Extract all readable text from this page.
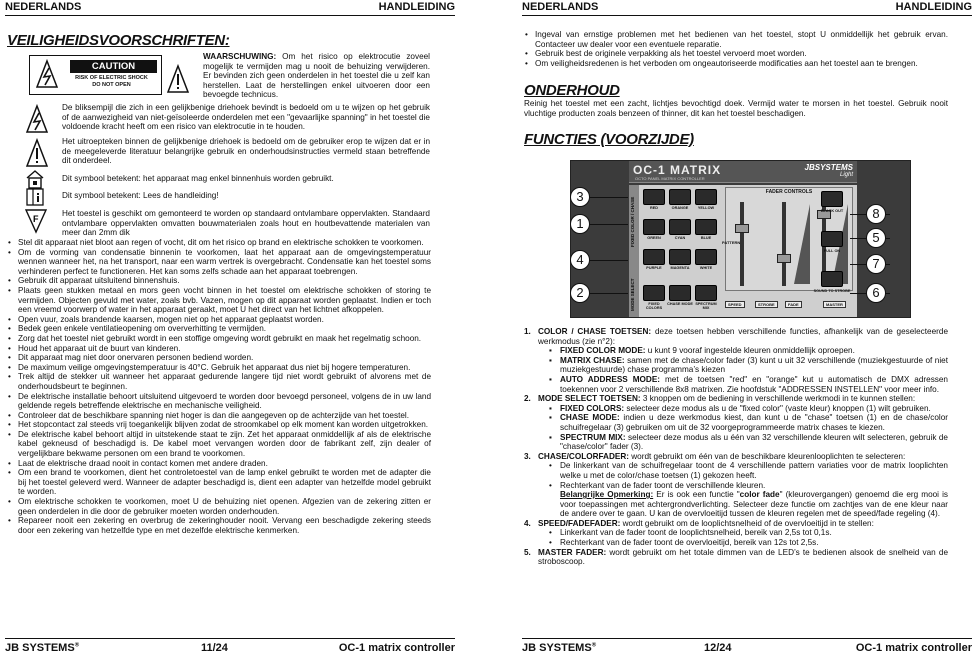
NEDERLANDS	HANDLEIDING
VEILIGHEIDSVOORSCHRIFTEN:
CAUTION
RISK OF ELECTRIC SHOCK
DO NOT OPEN
WAARSCHUWING: Om het risico op elektrocutie zoveel mogelijk te vermijden mag u nooit de behuizing verwijderen. Er bevinden zich geen onderdelen in het toestel die u zelf kan herstellen. Laat de herstellingen enkel uitvoeren door een bevoegde technicus.
De bliksempijl die zich in een gelijkbenige driehoek bevindt is bedoeld om u te wijzen op het gebruik of de aanwezigheid van niet-geïsoleerde onderdelen met een "gevaarlijke spanning" in het toestel die voldoende kracht heeft om een risico van elektrocutie in te houden.
Het uitroepteken binnen de gelijkbenige driehoek is bedoeld om de gebruiker erop te wijzen dat er in de meegeleverde literatuur belangrijke gebruik en onderhoudsinstructies vermeld staan betreffende dit onderdeel.
Dit symbool betekent: het apparaat mag enkel binnenhuis worden gebruikt.
Dit symbool betekent: Lees de handleiding!
F
Het toestel is geschikt om gemonteerd te worden op standaard ontvlambare oppervlakten. Standaard ontvlambare oppervlakten omvatten bouwmaterialen zoals hout en houtbevattende materialen van meer dan 2mm dik
• Stel dit apparaat niet bloot aan regen of vocht, dit om het risico op brand en elektrische schokken te voorkomen.
• Om de vorming van condensatie binnenin te voorkomen, laat het apparaat aan de omgevingstemperatuur wennen wanneer het, na het transport, naar een warm vertrek is overgebracht. Condensatie kan het toestel soms verhinderen perfect te functioneren. Het kan soms zelfs schade aan het apparaat toebrengen.
• Gebruik dit apparaat uitsluitend binnenshuis.
• Plaats geen stukken metaal en mors geen vocht binnen in het toestel om elektrische schokken of storing te vermijden. Objecten gevuld met water, zoals bvb. Vazen, mogen op dit apparaat worden geplaatst. Indien er toch een vreemd voorwerp of water in het apparaat geraakt, moet U het direct van het lichtnet afkoppelen.
• Open vuur, zoals brandende kaarsen, mogen niet op het apparaat geplaatst worden.
• Bedek geen enkele ventilatieopening om oververhitting te vermijden.
• Zorg dat het toestel niet gebruikt wordt in een stoffige omgeving wordt gebruikt en maak het regelmatig schoon.
• Houd het apparaat uit de buurt van kinderen.
• Dit apparaat mag niet door onervaren personen bediend worden.
• De maximum veilige omgevingstemperatuur is 40°C. Gebruik het apparaat dus niet bij hogere temperaturen.
• Trek altijd de stekker uit wanneer het apparaat gedurende langere tijd niet wordt gebruikt of alvorens met de onderhoudsbeurt te beginnen.
• De elektrische installatie behoort uitsluitend uitgevoerd te worden door bevoegd personeel, volgens de in uw land geldende regels betreffende elektrische en mechanische veiligheid.
• Controleer dat de beschikbare spanning niet hoger is dan die aangegeven op de achterzijde van het toestel.
• Het stopcontact zal steeds vrij toegankelijk blijven zodat de stroomkabel op elk moment kan worden uitgetrokken.
• De elektrische kabel behoort altijd in uitstekende staat te zijn. Zet het apparaat onmiddellijk af als de elektrische kabel gekneusd of beschadigd is. De kabel moet vervangen worden door de fabrikant zelf, zijn dealer of vergelijkbare bekwame personen om een brand te voorkomen.
• Laat de elektrische draad nooit in contact komen met andere draden.
• Om een brand te voorkomen, dient het controletoestel van de lamp enkel gebruikt te worden met de adapter die bij het toestel geleverd werd. Wanneer de adapter beschadigd is, dient een adapter van hetzelfde model gebruikt te worden.
• Om elektrische schokken te voorkomen, moet U de behuizing niet openen. Afgezien van de zekering zitten er geen onderdelen in die door de gebruiker moeten worden onderhouden.
• Repareer nooit een zekering en overbrug de zekeringhouder nooit. Vervang een beschadigde zekering steeds door een zekering van hetzelfde type en met dezelfde elektrische kenmerken.
JB SYSTEMS®	11/24	OC-1 matrix controller
NEDERLANDS	HANDLEIDING
• Ingeval van ernstige problemen met het bedienen van het toestel, stopt U onmiddellijk het gebruik ervan. Contacteer uw dealer voor een eventuele reparatie.
• Gebruik best de originele verpakking als het toestel vervoerd moet worden.
• Om veiligheidsredenen is het verboden om ongeautoriseerde modificaties aan het toestel aan te brengen.
ONDERHOUD
Reinig het toestel met een zacht, lichtjes bevochtigd doek. Vermijd water te morsen in het toestel. Gebruik nooit vluchtige producten zoals benzeen of thinner, dit kan het toestel beschadigen.
FUNCTIES (VOORZIJDE)
1. COLOR / CHASE TOETSEN: deze toetsen hebben verschillende functies, afhankelijk van de geselecteerde werkmodus (zie n°2):
▪ FIXED COLOR MODE: u kunt 9 vooraf ingestelde kleuren onmiddellijk oproepen.
▪ MATRIX CHASE: samen met de chase/color fader (3) kunt u uit 32 verschillende (muziekgestuurde of niet muziekgestuurde) chase programma’s kiezen
▪ AUTO ADDRESS MODE: met de toetsen "red" en "orange" kut u automatisch de DMX adressen toekennen voor 2 verschillende 8x8 matrixen. Zie hoofdstuk "ADDRESSEN INSTELLEN" voor meer info.
2. MODE SELECT TOETSEN: 3 knoppen om de bediening in verschillende werkmodi in te kunnen stellen:
▪ FIXED COLORS: selecteer deze modus als u de "fixed color" (vaste kleur) knoppen (1) wilt gebruiken.
▪ CHASE MODE: indien u deze werkmodus kiest, dan kunt u de "chase" toetsen (1) en de chase/color schuifregelaar (3) gebruiken om uit de 32 voorgeprogrammeerde matrix chases te kiezen.
▪ SPECTRUM MIX: selecteer deze modus als u één van 32 verschillende kleuren wilt selecteren, gebruik de "chase/color" fader (3).
3. CHASE/COLORFADER: wordt gebruikt om één van de beschikbare kleurenlooplichten te selecteren:
• De linkerkant van de schuifregelaar toont de 4 verschillende pattern variaties voor de matrix looplichten welke u met de color/chase toetsen (1) gekozen heeft.
• Rechterkant van de fader toont de verschillende kleuren.
Belangrijke Opmerking: Er is ook een functie "color fade" (kleurovergangen) genoemd die erg mooi is voor toepassingen met achtergrondverlichting. Selecteer deze functie om zachtjes van de ene kleur naar de andere over te gaan. U kan de overvloeitijd tussen de kleuren regelen met de speed/fade regeling (4).
4. SPEED/FADEFADER: wordt gebruikt om de looplichtsnelheid of de overvloeitijd in te stellen:
• Linkerkant van de fader toont de looplichtsnelheid, bereik van 2,5s tot 0,1s.
• Rechterkant van de fader toont de overvloeitijd, bereik van 12s tot 2,5s.
5. MASTER FADER: wordt gebruikt om het totale dimmen van de LED’s te bedienen alsook de snelheid van de stroboscoop.
JB SYSTEMS®	12/24	OC-1 matrix controller
OC-1 MATRIX
OCTO PANEL MATRIX CONTROLLER
JBSYSTEMS
Light
FIXED COLOR / CHASE
MODE SELECT
RED	ORANGE	YELLOW
GREEN	CYAN	BLUE
PURPLE	MAGENTA	WHITE
FIXED COLORS
CHASE MODE SPECTRUM MIX
FADER CONTROLS
PATTERN
SPEED	STROBE	FADE	MASTER
BLACK OUT
FULL ON
SOUND TO STROBE
3
1
4
2
8
5
7
6
